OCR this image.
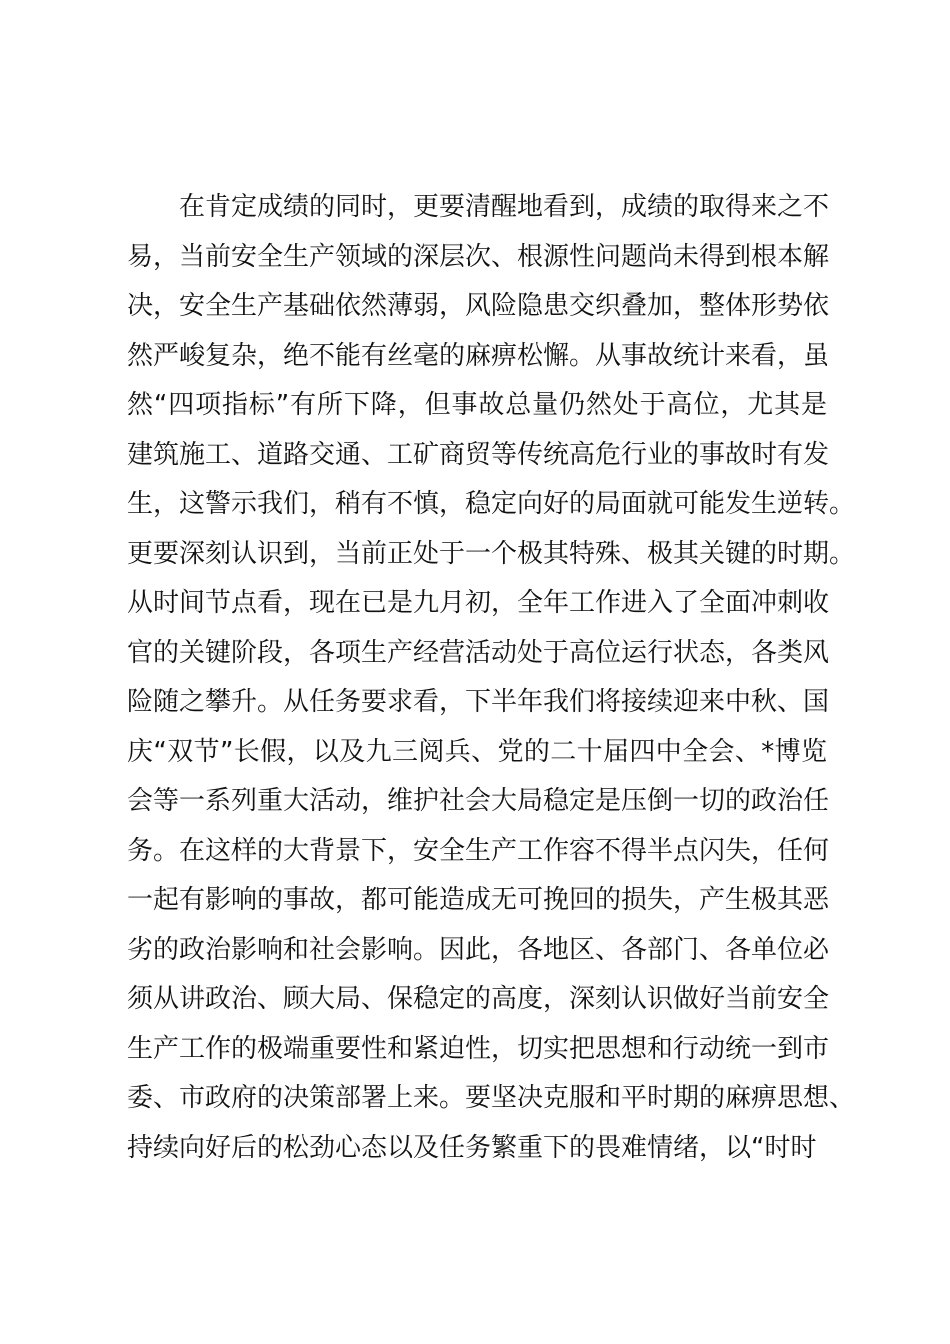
　　在肯定成绩的同时，更要清醒地看到，成绩的取得来之不
易，当前安全生产领域的深层次、根源性问题尚未得到根本解
决，安全生产基础依然薄弱，风险隐患交织叠加，整体形势依
然严峻复杂，绝不能有丝毫的麻痹松懈。从事故统计来看，虽
然“四项指标”有所下降，但事故总量仍然处于高位，尤其是
建筑施工、道路交通、工矿商贸等传统高危行业的事故时有发
生，这警示我们，稍有不慎，稳定向好的局面就可能发生逆转。
更要深刻认识到，当前正处于一个极其特殊、极其关键的时期。
从时间节点看，现在已是九月初，全年工作进入了全面冲刺收
官的关键阶段，各项生产经营活动处于高位运行状态，各类风
险随之攀升。从任务要求看，下半年我们将接续迎来中秋、国
庆“双节”长假，以及九三阅兵、党的二十届四中全会、*博览
会等一系列重大活动，维护社会大局稳定是压倒一切的政治任
务。在这样的大背景下，安全生产工作容不得半点闪失，任何
一起有影响的事故，都可能造成无可挽回的损失，产生极其恶
劣的政治影响和社会影响。因此，各地区、各部门、各单位必
须从讲政治、顾大局、保稳定的高度，深刻认识做好当前安全
生产工作的极端重要性和紧迫性，切实把思想和行动统一到市
委、市政府的决策部署上来。要坚决克服和平时期的麻痹思想、
持续向好后的松劲心态以及任务繁重下的畏难情绪，以“时时
